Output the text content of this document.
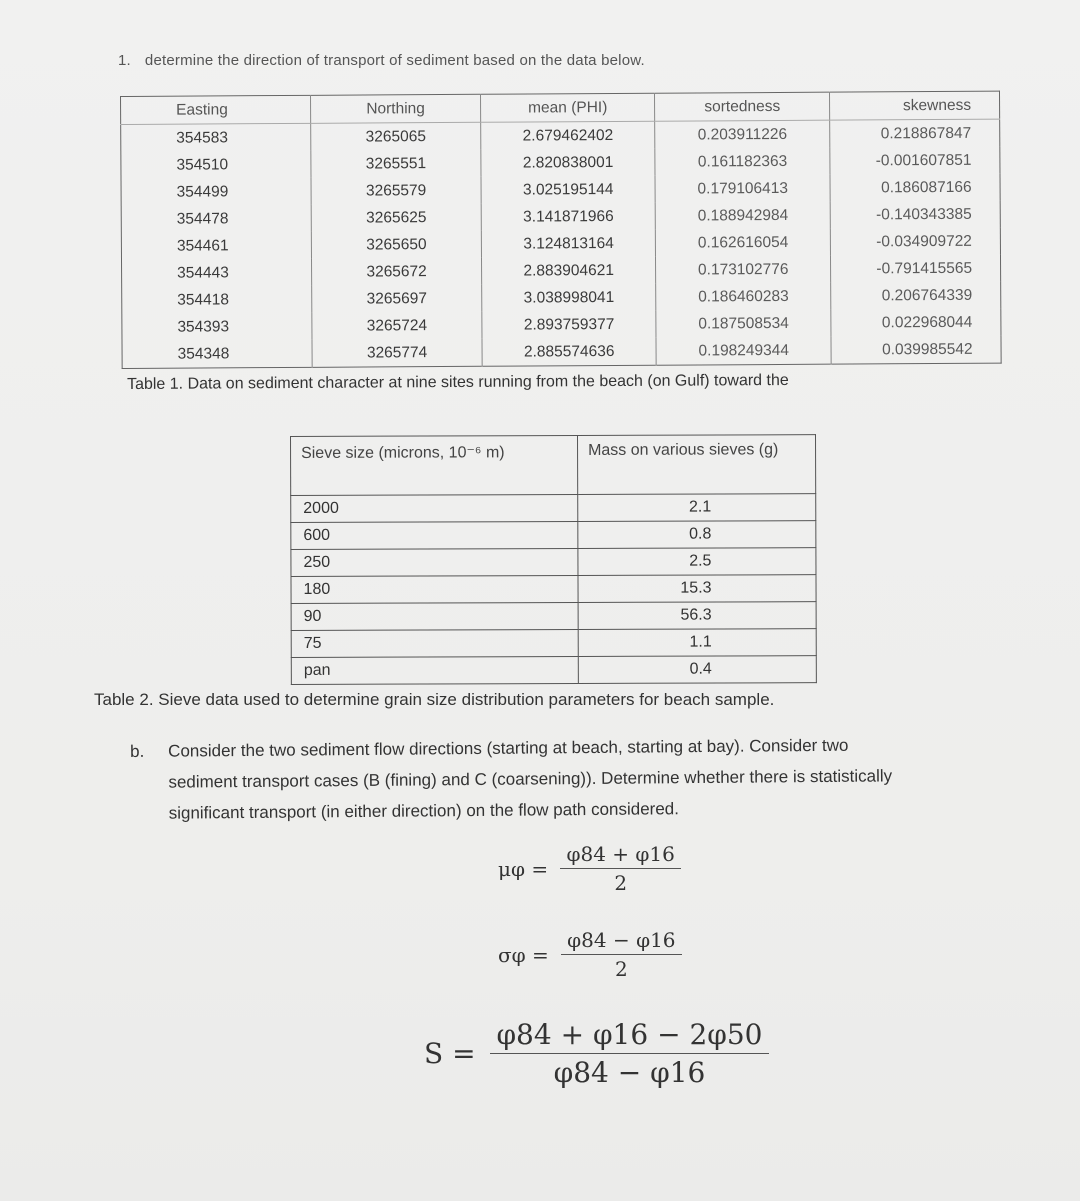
1. determine the direction of transport of sediment based on the data below.
Easting	Northing	mean (PHI)	sortedness	skewness
354583	3265065	2.679462402	0.203911226	0.218867847
354510	3265551	2.820838001	0.161182363	-0.001607851
354499	3265579	3.025195144	0.179106413	0.186087166
354478	3265625	3.141871966	0.188942984	-0.140343385
354461	3265650	3.124813164	0.162616054	-0.034909722
354443	3265672	2.883904621	0.173102776	-0.791415565
354418	3265697	3.038998041	0.186460283	0.206764339
354393	3265724	2.893759377	0.187508534	0.022968044
354348	3265774	2.885574636	0.198249344	0.039985542
Table 1. Data on sediment character at nine sites running from the beach (on Gulf) toward the
Sieve size (microns, 10⁻⁶ m)	Mass on various sieves (g)
2000	2.1
600	0.8
250	2.5
180	15.3
90	56.3
75	1.1
pan	0.4
Table 2. Sieve data used to determine grain size distribution parameters for beach sample.
b. Consider the two sediment flow directions (starting at beach, starting at bay). Consider two
sediment transport cases (B (fining) and C (coarsening)). Determine whether there is statistically
significant transport (in either direction) on the flow path considered.
$\mu\varphi = \frac{\varphi 84 + \varphi 16}{2}$
$\sigma\varphi = \frac{\varphi 84 - \varphi 16}{2}$
$S = \frac{\varphi 84 + \varphi 16 - 2\varphi 50}{\varphi 84 - \varphi 16}$
